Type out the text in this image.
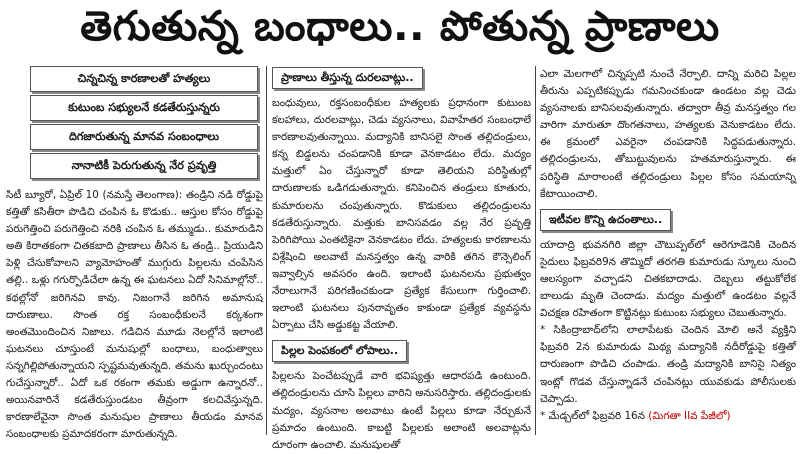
తెగుతున్న బంధాలు.. పోతున్న ప్రాణాలు
చిన్నచిన్న కారణాలతో హత్యలు
కుటుంబ సభ్యులనే కడతేరుస్తున్నరు
దిగజారుతున్న మానవ సంబంధాలు
నానాటికీ పెరుగుతున్న నేర ప్రవృత్తి

సిటీ బ్యూరో, ఏప్రిల్ 10 (నమస్తే తెలంగాణ): తండ్రిని నడి రోడ్డుపై కత్తితో కసితీరా పొడిచి చంపిన ఓ కొడుకు.. ఆస్తుల కోసం రోడ్డుపై పరుగెత్తించి పరుగెత్తించి నరికి చంపిన ఓ తమ్ముడు.. కుమారుడిని అతి కిరాతకంగా చితకబాది ప్రాణాలు తీసిన ఓ తండ్రి.. ప్రియుడిని పెళ్లి చేసుకోవాలని వ్యామోహంతో ముగ్గురు పిల్లలను చంపేసిన తల్లి.. ఒళ్లు గగుర్పొడిచేలా ఉన్న ఈ ఘటనలు ఏదో సినిమాల్లోనో.. కథల్లోనో జరిగినవి కావు. నిజంగానే జరిగిన అమానుష దారుణాలు. సొంత రక్త సంబంధీకులనే కర్కశంగా అంతమొందించిన నిజాలు. గడిచిన మూడు నెలల్లోనే ఇలాంటి ఘటనలు చూస్తుంటే మనుషుల్లో బంధాలు, బంధుత్వాలు సన్నగిల్లిపోతున్నాయని స్పష్టమవుతున్నది. తమను ఖుర్చుందంటు గుచేస్తున్నారో.. ఏదో ఒక రకంగా తమకు అడ్డుగా ఉన్నారనో.. అయినవారినే కడతేరుస్తుండటం తీవ్రంగా కలచివేస్తున్నది. కారణాలేవైనా సొంత మనుషుల ప్రాణాలు తీయడం మానవ సంబంధాలకు ప్రమాదకరంగా మారుతున్నది.

ప్రాణాలు తీస్తున్న దురలవాట్లు..

బంధువులు, రక్తసంబంధీకుల హత్యలకు ప్రధానంగా కుటుంబ కలహాలు, దురలవాట్లు, చెడు వ్యసనాలు, వివాహేతర సంబంధాలే కారణాలవుతున్నాయి. మద్యానికి బానిసలై సొంత తల్లిదండ్రులు, కన్న బిడ్డలను చంపడానికి కూడా వెనకాడటం లేదు. మద్యం మత్తులో ఏం చేస్తున్నారో కూడా తెలియని పరిస్థితుల్లో దారుణాలకు ఒడిగడుతున్నారు. కనిపెంచిన తండ్రులు కూతురు, కుమారులను చంపుతున్నారు. కొడుకులు తల్లిదండ్రులను కడతేరుస్తున్నారు. మత్తుకు బానిసవడం వల్ల నేర ప్రవృత్తి పెరిగిపోయి ఎంతటికైనా వెనకాడటం లేదు. హత్యలకు కారణాలను విశ్లేషించి అలవాటే మనస్తత్వం ఉన్న వారికి తగిన కౌన్సెలింగ్ ఇవ్వాల్సిన అవసరం ఉంది. ఇలాంటి ఘటనలను ప్రభుత్వం నేరాలుగానే పరిగణించకుండా ప్రత్యేక కేసులుగా గుర్తించాలి. ఇలాంటి ఘటనలు పునరావృతం కాకుండా ప్రత్యేక వ్యవస్థను ఏర్పాటు చేసి అడ్డుకట్ట వేయాలి.

పిల్లల పెంపకంలో లోపాలు..

పిల్లలను పెంచేటప్పుడే వారి భవిష్యత్తు ఆధారపడి ఉంటుంది. తల్లిదండ్రులను చూసి పిల్లలు వారిని అనుసరిస్తారు. తల్లిదండ్రులకు మద్యం, వ్యసనాల అలవాటు ఉంటే పిల్లలు కూడా నేర్చుకునే ప్రమాదం ఉంటుంది. కాబట్టి పిల్లలకు అలాంటి అలవాట్లను దూరంగా ఉంచాలి. మనుషులతో

ఎలా మెలగాలో చిన్నప్పటి నుంచే నేర్పాలి. దాన్ని మరిచి పిల్లల తీరును ఎప్పటికప్పుడు గమనించకుండా ఉండటం వల్ల చెడు వ్యసనాలకు బానిసలవుతున్నారు. తద్వారా తీవ్ర మనస్తత్వం గల వారిగా మారుతూ దొంగతనాలు, హత్యలకు వెనుకాడటం లేదు. ఈ క్రమంలో ఎవరైనా చంపడానికి సిద్ధపడుతున్నారు. తల్లిదండ్రులను, తోబుట్టువులను హతమారుస్తున్నారు. ఈ పరిస్థితి మారాలంటే తల్లిదండ్రులు పిల్లల కోసం సమయాన్ని కేటాయించాలి.

ఇటీవల కొన్ని ఉదంతాలు..

యాదాద్రి భువనగిరి జిల్లా చౌటుప్పల్‌లో ఆరెగూడెనికి చెందిన సైదులు ఫిబ్రవరి9న తొమ్మిదో తరగతి కుమారుడు స్కూలు నుంచి ఆలస్యంగా వచ్చాడని చితకబాదాడు. దెబ్బలు తట్టుకోలేక బాలుడు మృతి చెందాడు. మద్యం మత్తులో ఉండటం వల్లనే విచక్షణ రహితంగా కొట్టినట్లు కుటుంబ సభ్యులు చెబుతున్నారు.

* సికింద్రాబాద్‌లోని లాలాపేటకు చెందిన మోలి అనే వ్యక్తిని ఫిబ్రవరి 2న కుమారుడు మిథ్య మద్యానికి నదీరోడ్డుపై కత్తితో దారుణంగా పొడిచి చంపాడు. తండ్రి మద్యానికి బానిసై నిత్యం ఇంట్లో గొడవ చేస్తున్నాడనే చంపినట్లు యువకుడు పోలీసులకు చెప్పాడు.

* మేడ్చల్‌లో ఫిబ్రవరి 16న (మిగతా IIవ పేజీలో)
